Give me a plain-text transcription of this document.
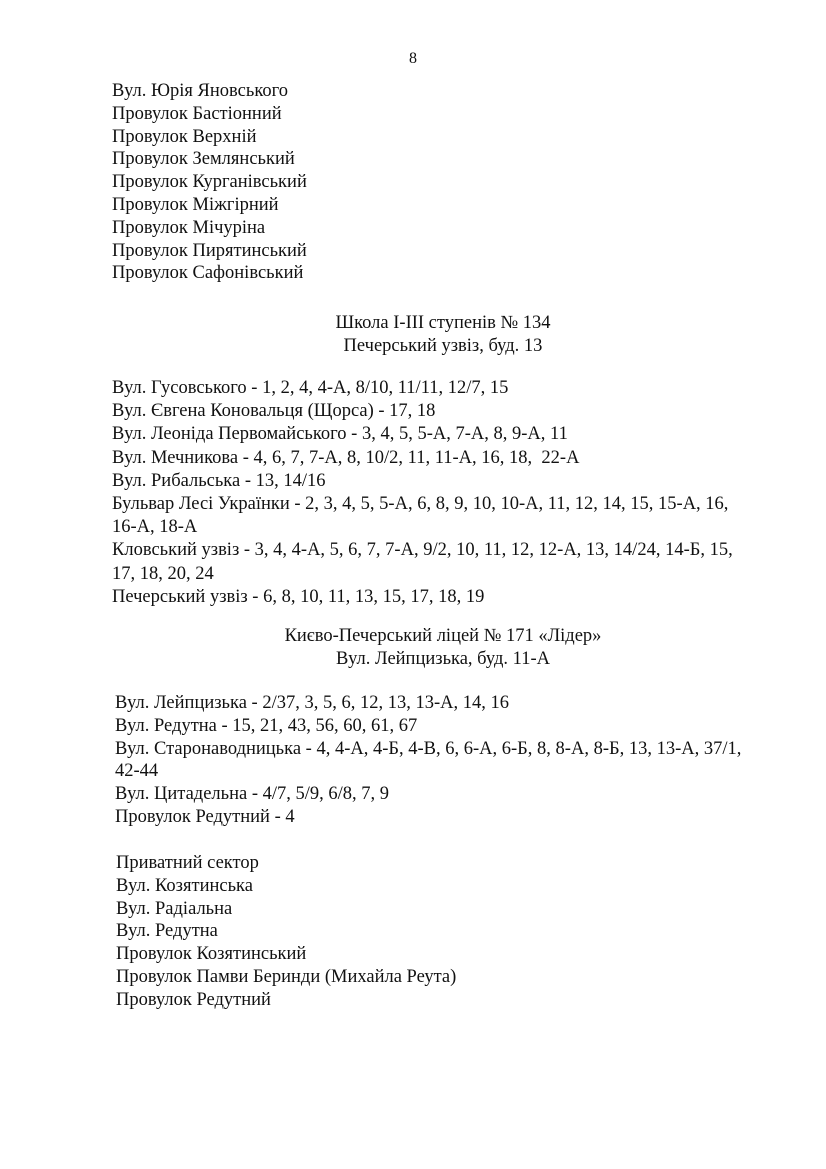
8
Вул. Юрія Яновського
Провулок Бастіонний
Провулок Верхній
Провулок Землянський
Провулок Курганівський
Провулок Міжгірний
Провулок Мічуріна
Провулок Пирятинський
Провулок Сафонівський
Школа І-ІІІ ступенів № 134
Печерський узвіз, буд. 13
Вул. Гусовського - 1, 2, 4, 4-А, 8/10, 11/11, 12/7, 15
Вул. Євгена Коновальця (Щорса) - 17, 18
Вул. Леоніда Первомайського - 3, 4, 5, 5-А, 7-А, 8, 9-А, 11
Вул. Мечникова - 4, 6, 7, 7-А, 8, 10/2, 11, 11-А, 16, 18,  22-А
Вул. Рибальська - 13, 14/16
Бульвар Лесі Українки - 2, 3, 4, 5, 5-А, 6, 8, 9, 10, 10-А, 11, 12, 14, 15, 15-А, 16,
16-А, 18-А
Кловський узвіз - 3, 4, 4-А, 5, 6, 7, 7-А, 9/2, 10, 11, 12, 12-А, 13, 14/24, 14-Б, 15,
17, 18, 20, 24
Печерський узвіз - 6, 8, 10, 11, 13, 15, 17, 18, 19
Києво-Печерський ліцей № 171 «Лідер»
Вул. Лейпцизька, буд. 11-А
Вул. Лейпцизька - 2/37, 3, 5, 6, 12, 13, 13-А, 14, 16
Вул. Редутна - 15, 21, 43, 56, 60, 61, 67
Вул. Старонаводницька - 4, 4-А, 4-Б, 4-В, 6, 6-А, 6-Б, 8, 8-А, 8-Б, 13, 13-А, 37/1,
42-44
Вул. Цитадельна - 4/7, 5/9, 6/8, 7, 9
Провулок Редутний - 4
Приватний сектор
Вул. Козятинська
Вул. Радіальна
Вул. Редутна
Провулок Козятинський
Провулок Памви Беринди (Михайла Реута)
Провулок Редутний
